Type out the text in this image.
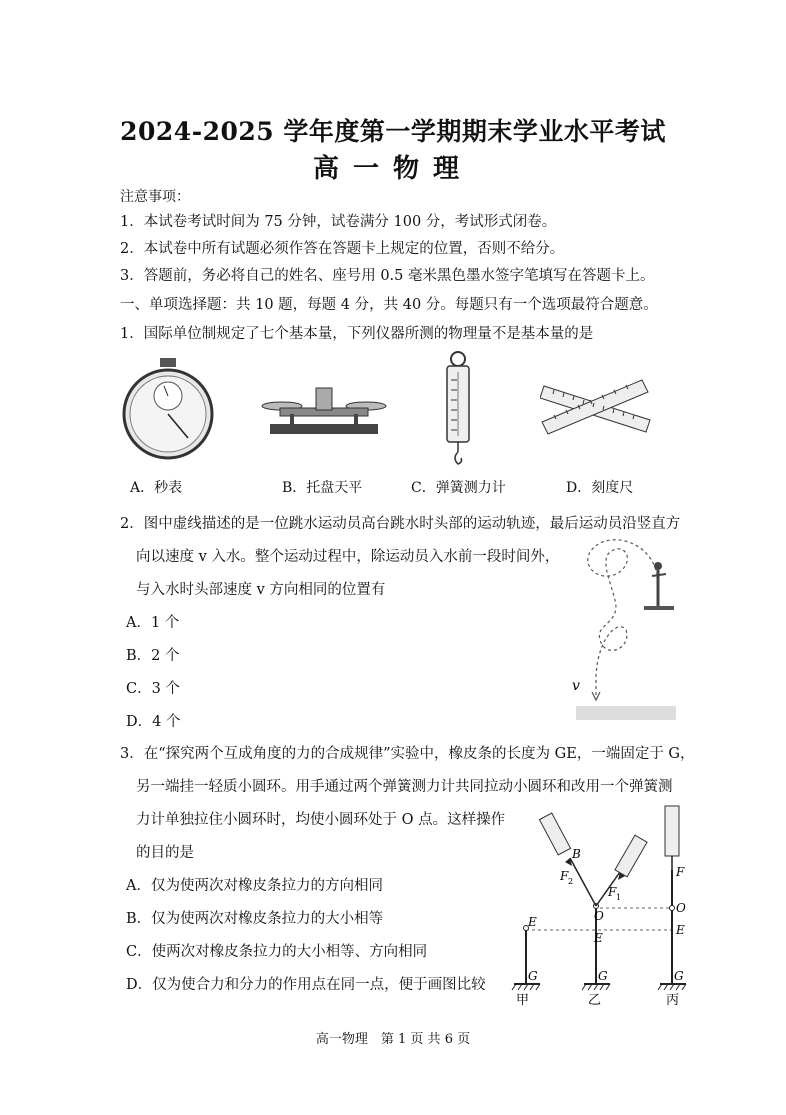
2024-2025 学年度第一学期期末学业水平考试
高一物理
注意事项：
1．本试卷考试时间为 75 分钟，试卷满分 100 分，考试形式闭卷。
2．本试卷中所有试题必须作答在答题卡上规定的位置，否则不给分。
3．答题前，务必将自己的姓名、座号用 0.5 毫米黑色墨水签字笔填写在答题卡上。
一、单项选择题：共 10 题，每题 4 分，共 40 分。每题只有一个选项最符合题意。
1．国际单位制规定了七个基本量，下列仪器所测的物理量不是基本量的是
A．秒表	B．托盘天平	C．弹簧测力计	D．刻度尺
2．图中虚线描述的是一位跳水运动员高台跳水时头部的运动轨迹，最后运动员沿竖直方
向以速度 v 入水。整个运动过程中，除运动员入水前一段时间外，
与入水时头部速度 v 方向相同的位置有
A．1 个
B．2 个
C．3 个
D．4 个
v
3．在“探究两个互成角度的力的合成规律”实验中，橡皮条的长度为 GE，一端固定于 G，
另一端挂一轻质小圆环。用手通过两个弹簧测力计共同拉动小圆环和改用一个弹簧测
力计单独拉住小圆环时，均使小圆环处于 O 点。这样操作
的目的是
A．仅为使两次对橡皮条拉力的方向相同
B．仅为使两次对橡皮条拉力的大小相等
C．使两次对橡皮条拉力的大小相等、方向相同
D．仅为使合力和分力的作用点在同一点，便于画图比较
E
G
甲
B
F 2
F 1
O
E
G
乙
F
O
E
G
丙
高一物理　第 1 页 共 6 页
